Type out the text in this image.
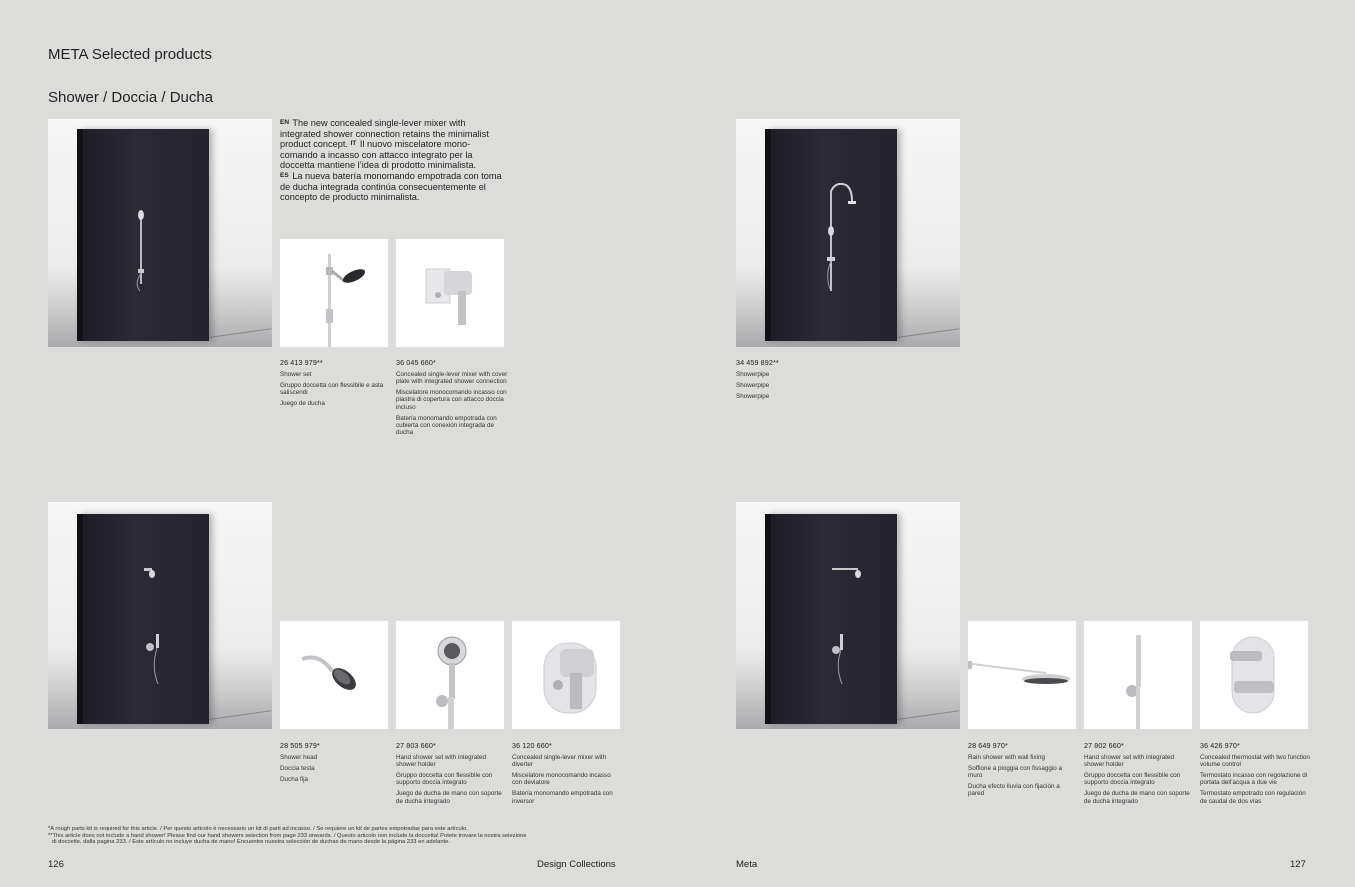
META Selected products
Shower / Doccia / Ducha
$^{EN}$ The new concealed single-lever mixer with integrated shower connection retains the minimalist product concept. $^{IT}$ Il nuovo miscelatore mono-comando a incasso con attacco integrato per la doccetta mantiene l’idea di prodotto minimalista.
$^{ES}$ La nueva batería monomando empotrada con toma de ducha integrada continúa consecuentemente el concepto de producto minimalista.
26 413 979**

Shower set

Gruppo doccetta con flessibile e asta saliscendi

Juego de ducha

36 045 660*

Concealed single-lever mixer with cover plate with integrated shower connection

Miscelatore monocomando incasso con piastra di copertura con attacco doccia incluso

Batería monomando empotrada con cubierta con conexión integrada de ducha

34 459 892**

Showerpipe

Showerpipe

Showerpipe

28 505 979*

Shower head

Doccia testa

Ducha fija

27 803 660*

Hand shower set with integrated shower holder

Gruppo doccetta con flessibile con supporto doccia integrato

Juego de ducha de mano con soporte de ducha integrado

36 120 660*

Concealed single-lever mixer with diverter

Miscelatore monocomando incasso con deviatore

Batería monomando empotrada con inversor

28 649 970*

Rain shower with wall fixing

Soffione a pioggia con fissaggio a muro

Ducha efecto lluvia con fijación a pared

27 802 660*

Hand shower set with integrated shower holder

Gruppo doccetta con flessibile con supporto doccia integrato

Juego de ducha de mano con soporte de ducha integrado

36 426 970*

Concealed thermostat with two function volume control

Termostato incasso con regolazione di portata dell’acqua a due vie

Termostato empotrado con regulación de caudal de dos vías

*A rough parts kit is required for this article. / Per questo articolo è necessario un kit di parti ad incasso. / Se requiere un kit de partes empotradas para este artículo.
**This article does not include a hand shower! Please find our hand showers selection from page 233 onwards. / Questo articolo non include la doccetta! Potete trovare la nostra selezione
di doccette, dalla pagina 233. / Este artículo no incluye ducha de mano! Encuentre nuestra selección de duchas de mano desde la página 233 en adelante.
126	Design Collections	Meta	127
